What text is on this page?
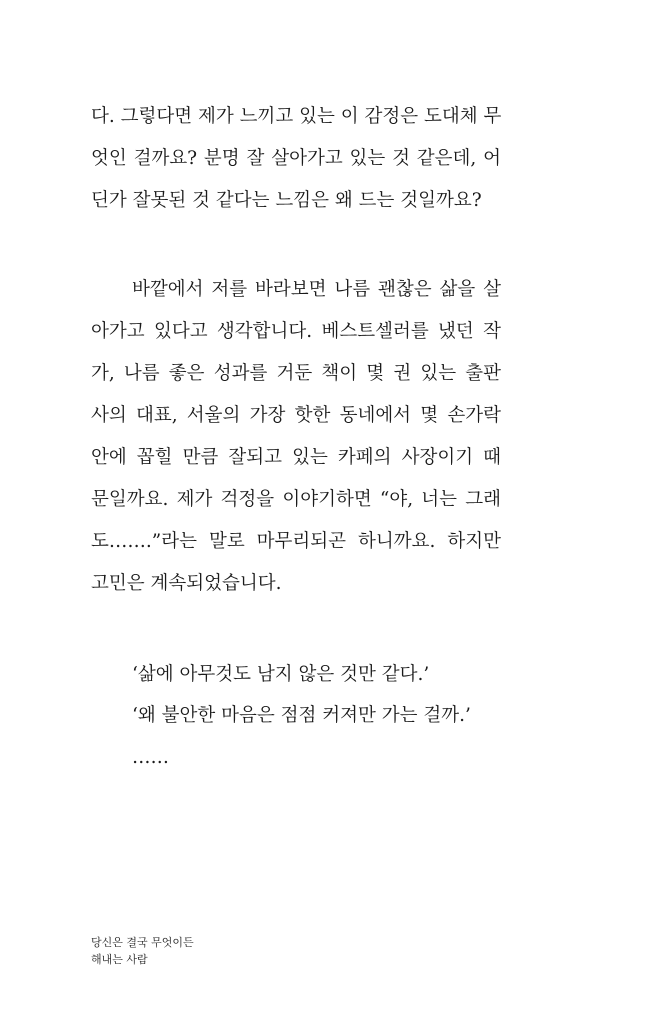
다. 그렇다면 제가 느끼고 있는 이 감정은 도대체 무
엇인 걸까요? 분명 잘 살아가고 있는 것 같은데, 어
딘가 잘못된 것 같다는 느낌은 왜 드는 것일까요?
바깥에서 저를 바라보면 나름 괜찮은 삶을 살
아가고 있다고 생각합니다. 베스트셀러를 냈던 작
가, 나름 좋은 성과를 거둔 책이 몇 권 있는 출판
사의 대표, 서울의 가장 핫한 동네에서 몇 손가락
안에 꼽힐 만큼 잘되고 있는 카페의 사장이기 때
문일까요. 제가 걱정을 이야기하면 “야, 너는 그래
도…….”라는 말로 마무리되곤 하니까요. 하지만
고민은 계속되었습니다.
‘삶에 아무것도 남지 않은 것만 같다.’
‘왜 불안한 마음은 점점 커져만 가는 걸까.’
……
당신은 결국 무엇이든
해내는 사람
